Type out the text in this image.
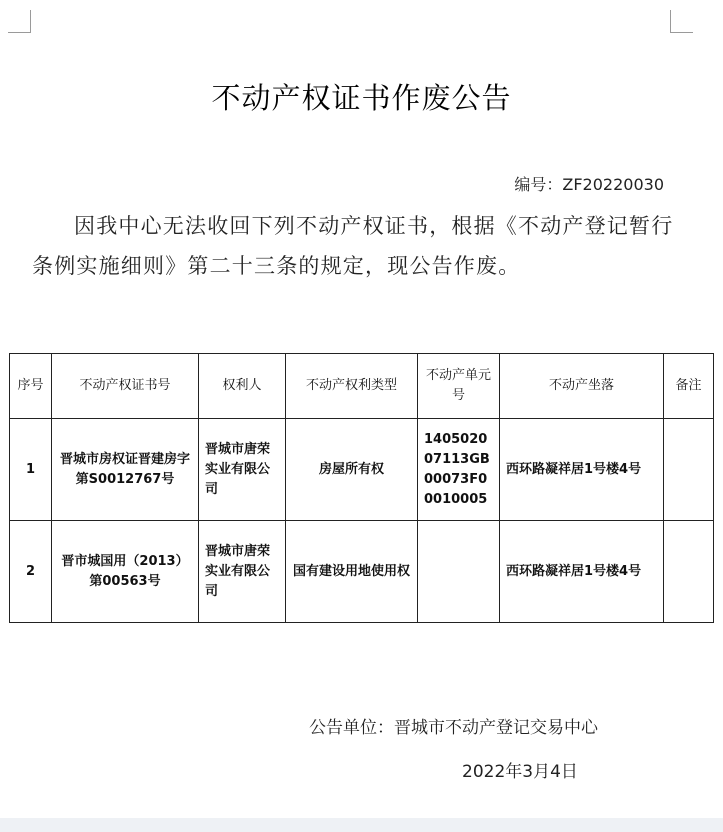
不动产权证书作废公告
编号：ZF20220030
因我中心无法收回下列不动产权证书，根据《不动产登记暂行条例实施细则》第二十三条的规定，现公告作废。
序号	不动产权证书号	权利人	不动产权利类型	不动产单元号	不动产坐落	备注
1	晋城市房权证晋建房字第S0012767号	晋城市唐荣实业有限公司	房屋所有权	140502007113GB00073F00010005	西环路凝祥居1号楼4号	
2	晋市城国用（2013）第00563号	晋城市唐荣实业有限公司	国有建设用地使用权		西环路凝祥居1号楼4号	
公告单位：晋城市不动产登记交易中心
2022年3月4日
